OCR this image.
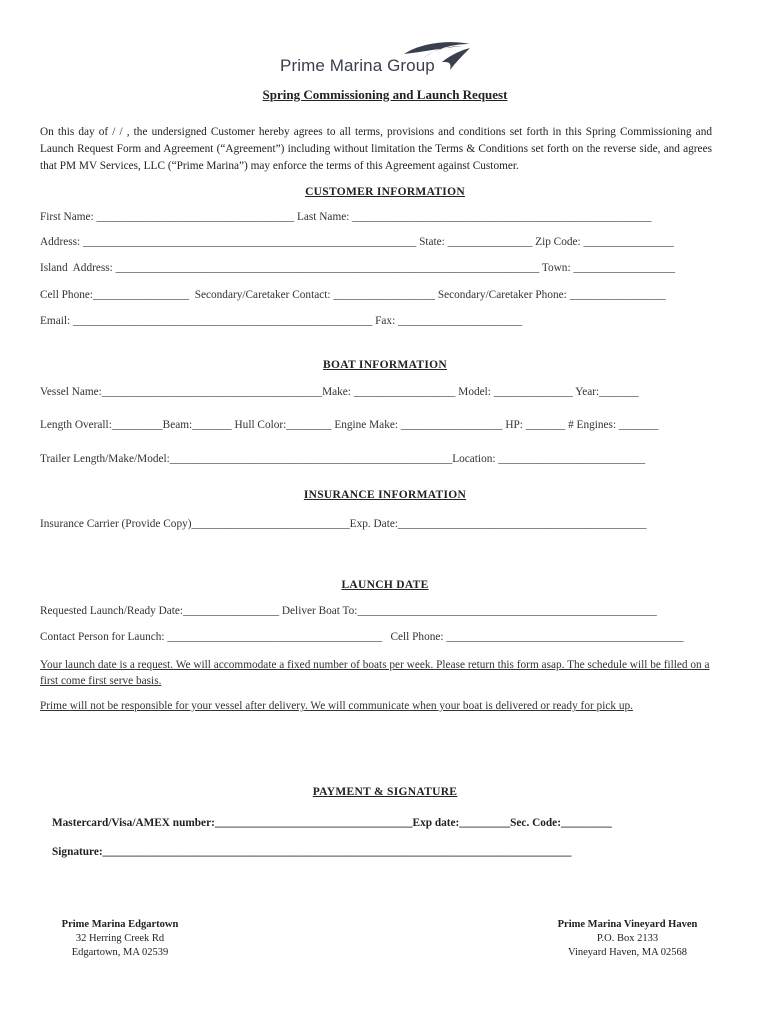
Prime Marina Group
Spring Commissioning and Launch Request

On this day of / / , the undersigned Customer hereby agrees to all terms, provisions and conditions set forth in this Spring Commissioning and Launch Request Form and Agreement (“Agreement”) including without limitation the Terms & Conditions set forth on the reverse side, and agrees that PM MV Services, LLC (“Prime Marina”) may enforce the terms of this Agreement against Customer.

CUSTOMER INFORMATION
First Name: ___________________________________ Last Name: _____________________________________________________
Address: ___________________________________________________________ State: _______________ Zip Code: ________________
Island  Address: ___________________________________________________________________________ Town: __________________
Cell Phone:_________________  Secondary/Caretaker Contact: __________________ Secondary/Caretaker Phone: _________________
Email: _____________________________________________________ Fax: ______________________
BOAT INFORMATION
Vessel Name:_______________________________________Make: __________________ Model: ______________ Year:_______
Length Overall:_________Beam:_______ Hull Color:________ Engine Make: __________________ HP: _______ # Engines: _______
Trailer Length/Make/Model:__________________________________________________Location: __________________________
INSURANCE INFORMATION
Insurance Carrier (Provide Copy)____________________________Exp. Date:____________________________________________
LAUNCH DATE
Requested Launch/Ready Date:_________________ Deliver Boat To:_____________________________________________________
Contact Person for Launch: ______________________________________   Cell Phone: __________________________________________
Your launch date is a request. We will accommodate a fixed number of boats per week. Please return this form asap. The schedule will be filled on a first come first serve basis.
Prime will not be responsible for your vessel after delivery. We will communicate when your boat is delivered or ready for pick up.
PAYMENT & SIGNATURE
Mastercard/Visa/AMEX number:___________________________________Exp date:_________Sec. Code:_________
Signature:___________________________________________________________________________________
Prime Marina Edgartown
32 Herring Creek Rd
Edgartown, MA 02539
Prime Marina Vineyard Haven
P.O. Box 2133
Vineyard Haven, MA 02568
